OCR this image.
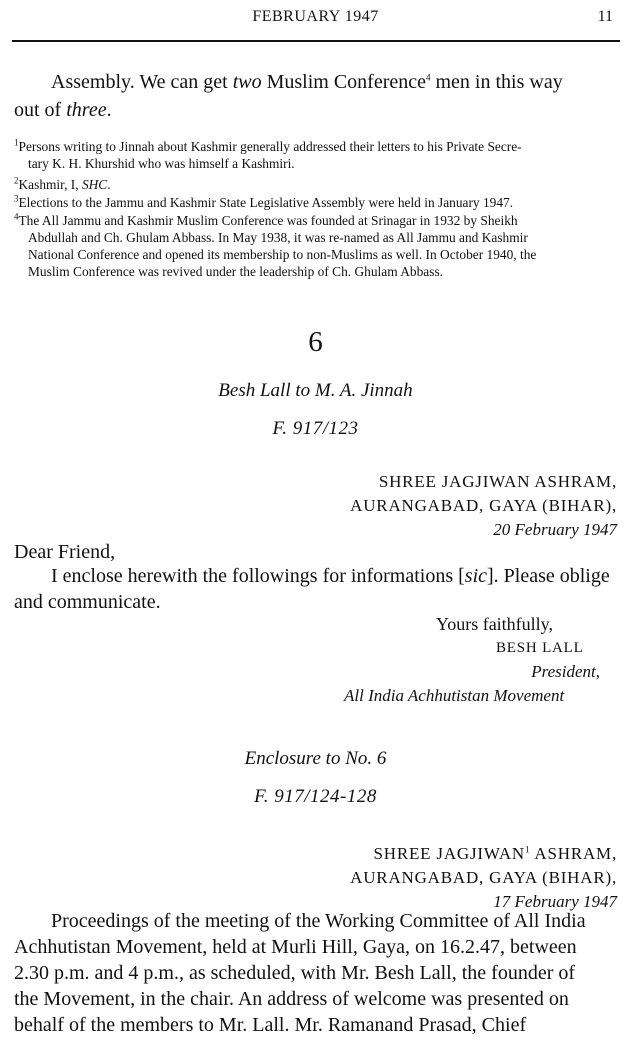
FEBRUARY 1947	11

Assembly. We can get two Muslim Conference$^4$ men in this way
out of three.

$^1$Persons writing to Jinnah about Kashmir generally addressed their letters to his Private Secre-
tary K. H. Khurshid who was himself a Kashmiri.

$^2$Kashmir, I, SHC.

$^3$Elections to the Jammu and Kashmir State Legislative Assembly were held in January 1947.

$^4$The All Jammu and Kashmir Muslim Conference was founded at Srinagar in 1932 by Sheikh
Abdullah and Ch. Ghulam Abbass. In May 1938, it was re-named as All Jammu and Kashmir
National Conference and opened its membership to non-Muslims as well. In October 1940, the
Muslim Conference was revived under the leadership of Ch. Ghulam Abbass.

6

Besh Lall to M. A. Jinnah

F. 917/123

SHREE JAGJIWAN ASHRAM,
AURANGABAD, GAYA (BIHAR),
20 February 1947

Dear Friend,

I enclose herewith the followings for informations [sic]. Please oblige

and communicate.

Yours faithfully,
BESH LALL
President,
All India Achhutistan Movement

Enclosure to No. 6

F. 917/124-128

SHREE JAGJIWAN$^1$ ASHRAM,
AURANGABAD, GAYA (BIHAR),
17 February 1947
Proceedings of the meeting of the Working Committee of All India
Achhutistan Movement, held at Murli Hill, Gaya, on 16.2.47, between
2.30 p.m. and 4 p.m., as scheduled, with Mr. Besh Lall, the founder of
the Movement, in the chair. An address of welcome was presented on
behalf of the members to Mr. Lall. Mr. Ramanand Prasad, Chief
